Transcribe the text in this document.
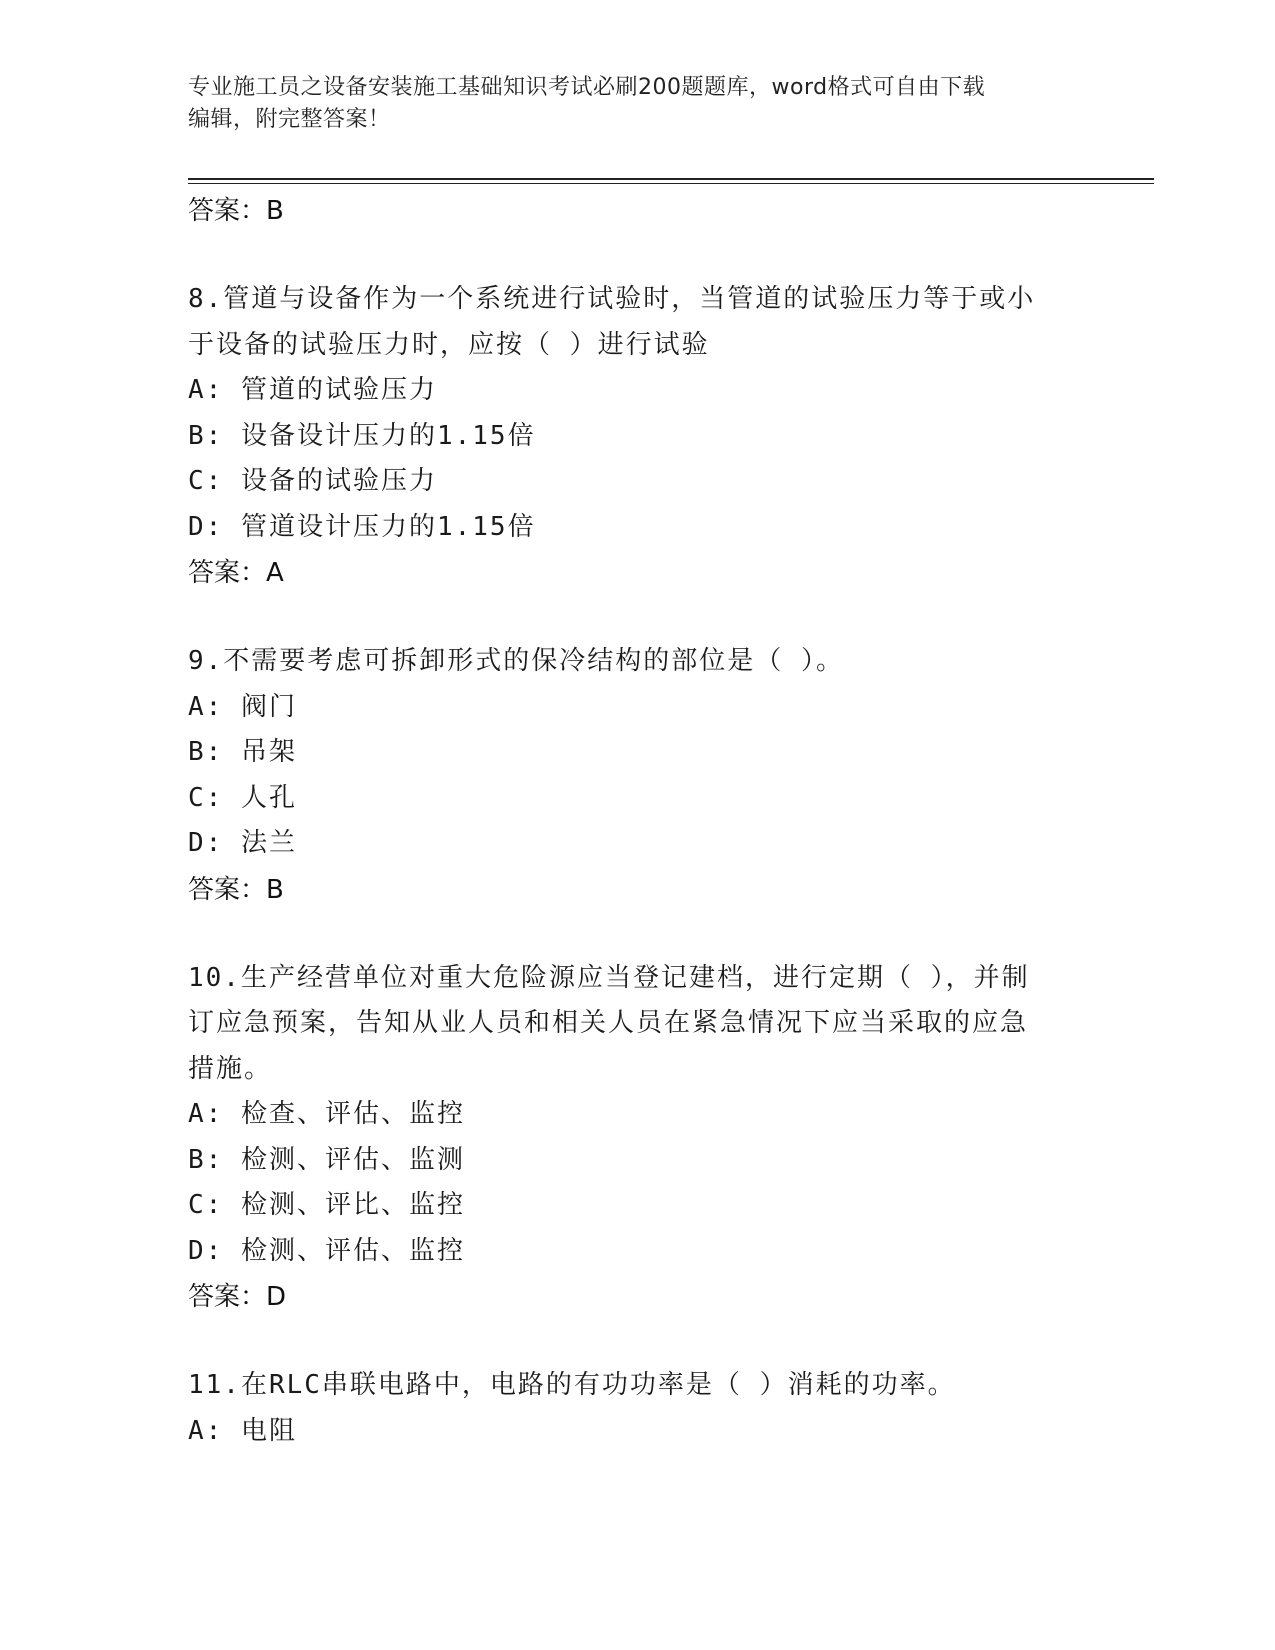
专业施工员之设备安装施工基础知识考试必刷200题题库，word格式可自由下载
编辑，附完整答案！
答案：B
8.管道与设备作为一个系统进行试验时，当管道的试验压力等于或小
于设备的试验压力时，应按（ ）进行试验
A: 管道的试验压力
B: 设备设计压力的1.15倍
C: 设备的试验压力
D: 管道设计压力的1.15倍
答案：A
9.不需要考虑可拆卸形式的保冷结构的部位是（ ）。
A: 阀门
B: 吊架
C: 人孔
D: 法兰
答案：B
10.生产经营单位对重大危险源应当登记建档，进行定期（ ），并制
订应急预案，告知从业人员和相关人员在紧急情况下应当采取的应急
措施。
A: 检查、评估、监控
B: 检测、评估、监测
C: 检测、评比、监控
D: 检测、评估、监控
答案：D
11.在RLC串联电路中，电路的有功功率是（ ）消耗的功率。
A: 电阻
